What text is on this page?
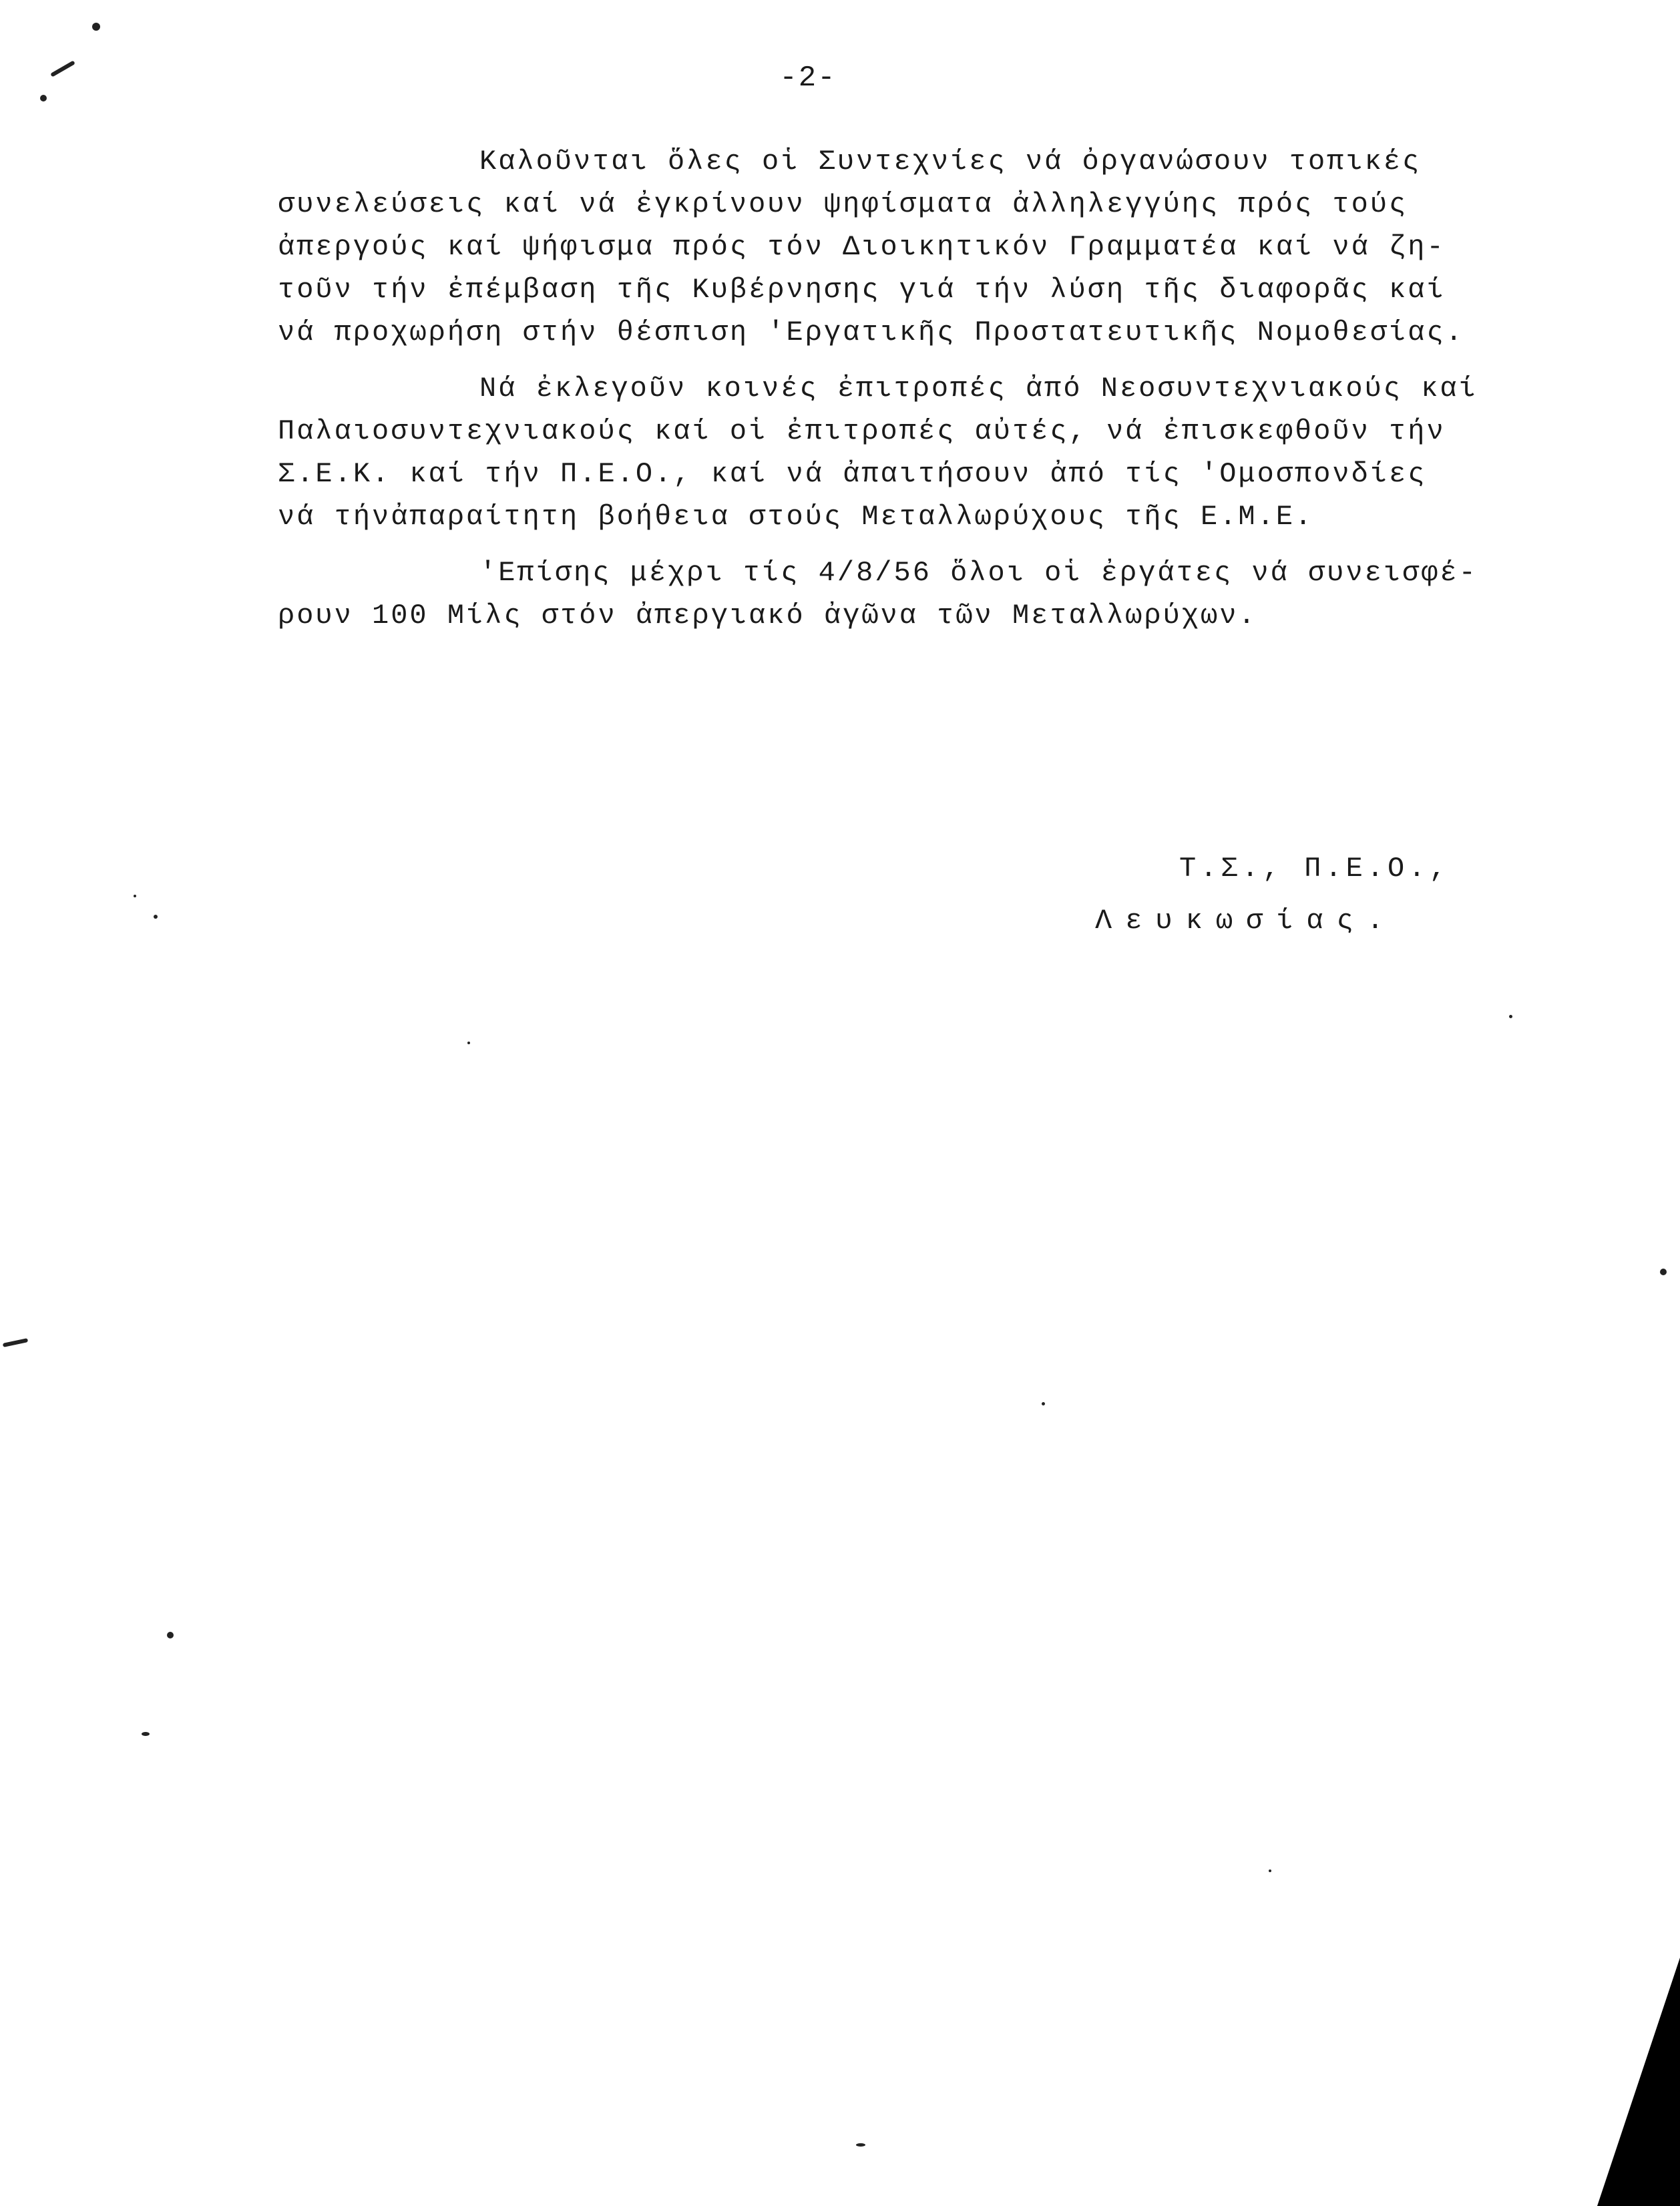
-2-
Καλοῦνται ὅλες οἱ Συντεχνίες νά ὀργανώσουν τοπικές
συνελεύσεις καί νά ἐγκρίνουν ψηφίσματα ἀλληλεγγύης πρός τούς
ἀπεργούς καί ψήφισμα πρός τόν Διοικητικόν Γραμματέα καί νά ζη-
τοῦν τήν ἐπέμβαση τῆς Κυβέρνησης γιά τήν λύση τῆς διαφορᾶς καί
νά προχωρήση στήν θέσπιση 'Εργατικῆς Προστατευτικῆς Νομοθεσίας.
Νά ἐκλεγοῦν κοινές ἐπιτροπές ἀπό Νεοσυντεχνιακούς καί
Παλαιοσυντεχνιακούς καί οἱ ἐπιτροπές αὐτές, νά ἐπισκεφθοῦν τήν
Σ.Ε.Κ. καί τήν Π.Ε.Ο., καί νά ἀπαιτήσουν ἀπό τίς 'Ομοσπονδίες
νά τήνἀπαραίτητη βοήθεια στούς Μεταλλωρύχους τῆς Ε.Μ.Ε.
'Επίσης μέχρι τίς 4/8/56 ὅλοι οἱ ἐργάτες νά συνεισφέ-
ρουν 100 Μίλς στόν ἀπεργιακό ἀγῶνα τῶν Μεταλλωρύχων.
Τ.Σ., Π.Ε.Ο.,
Λευκωσίας.
